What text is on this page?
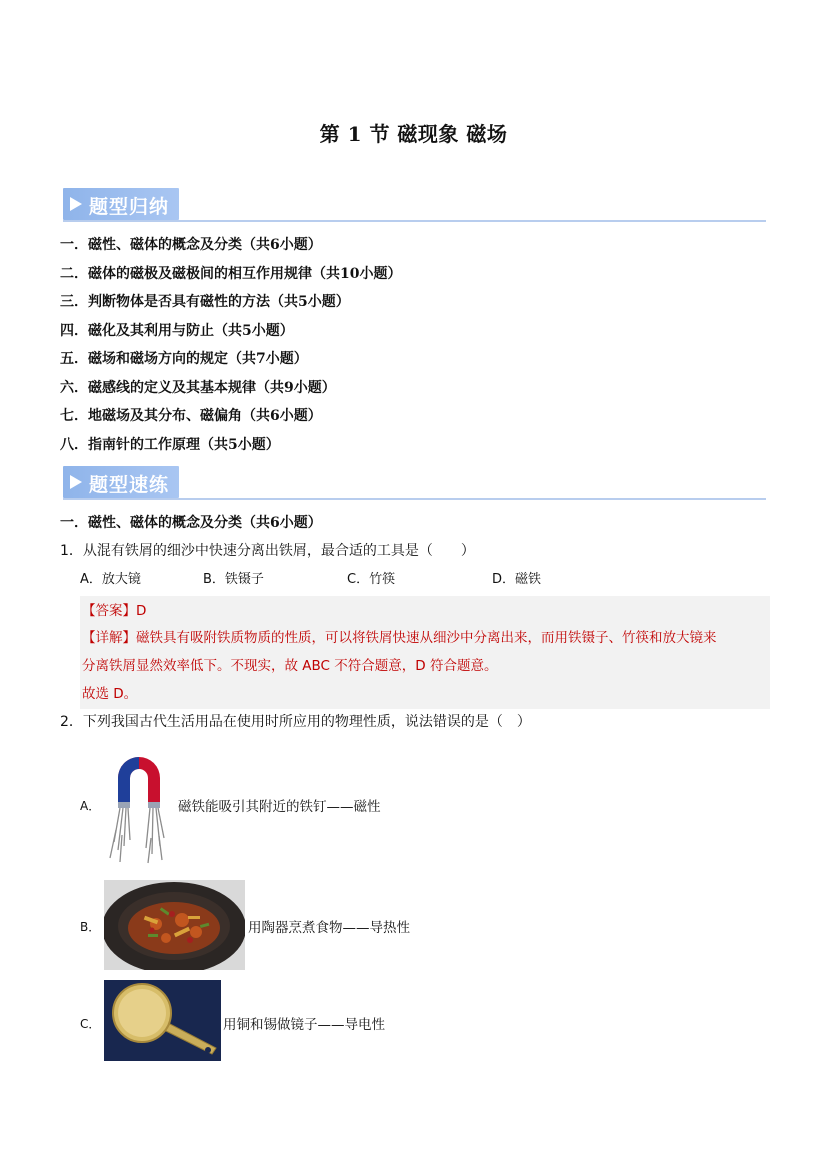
第 1 节 磁现象 磁场
题型归纳
一．磁性、磁体的概念及分类（共6小题）
二．磁体的磁极及磁极间的相互作用规律（共10小题）
三．判断物体是否具有磁性的方法（共5小题）
四．磁化及其利用与防止（共5小题）
五．磁场和磁场方向的规定（共7小题）
六．磁感线的定义及其基本规律（共9小题）
七．地磁场及其分布、磁偏角（共6小题）
八．指南针的工作原理（共5小题）
题型速练
一．磁性、磁体的概念及分类（共6小题）
1．从混有铁屑的细沙中快速分离出铁屑，最合适的工具是（　　）
A．放大镜	B．铁镊子	C．竹筷	D．磁铁
【答案】D
【详解】磁铁具有吸附铁质物质的性质，可以将铁屑快速从细沙中分离出来，而用铁镊子、竹筷和放大镜来
分离铁屑显然效率低下。不现实，故 ABC 不符合题意，D 符合题意。
故选 D。
2．下列我国古代生活用品在使用时所应用的物理性质，说法错误的是（　）
A．	磁铁能吸引其附近的铁钉——磁性
B．	用陶器烹煮食物——导热性
C．	用铜和锡做镜子——导电性
